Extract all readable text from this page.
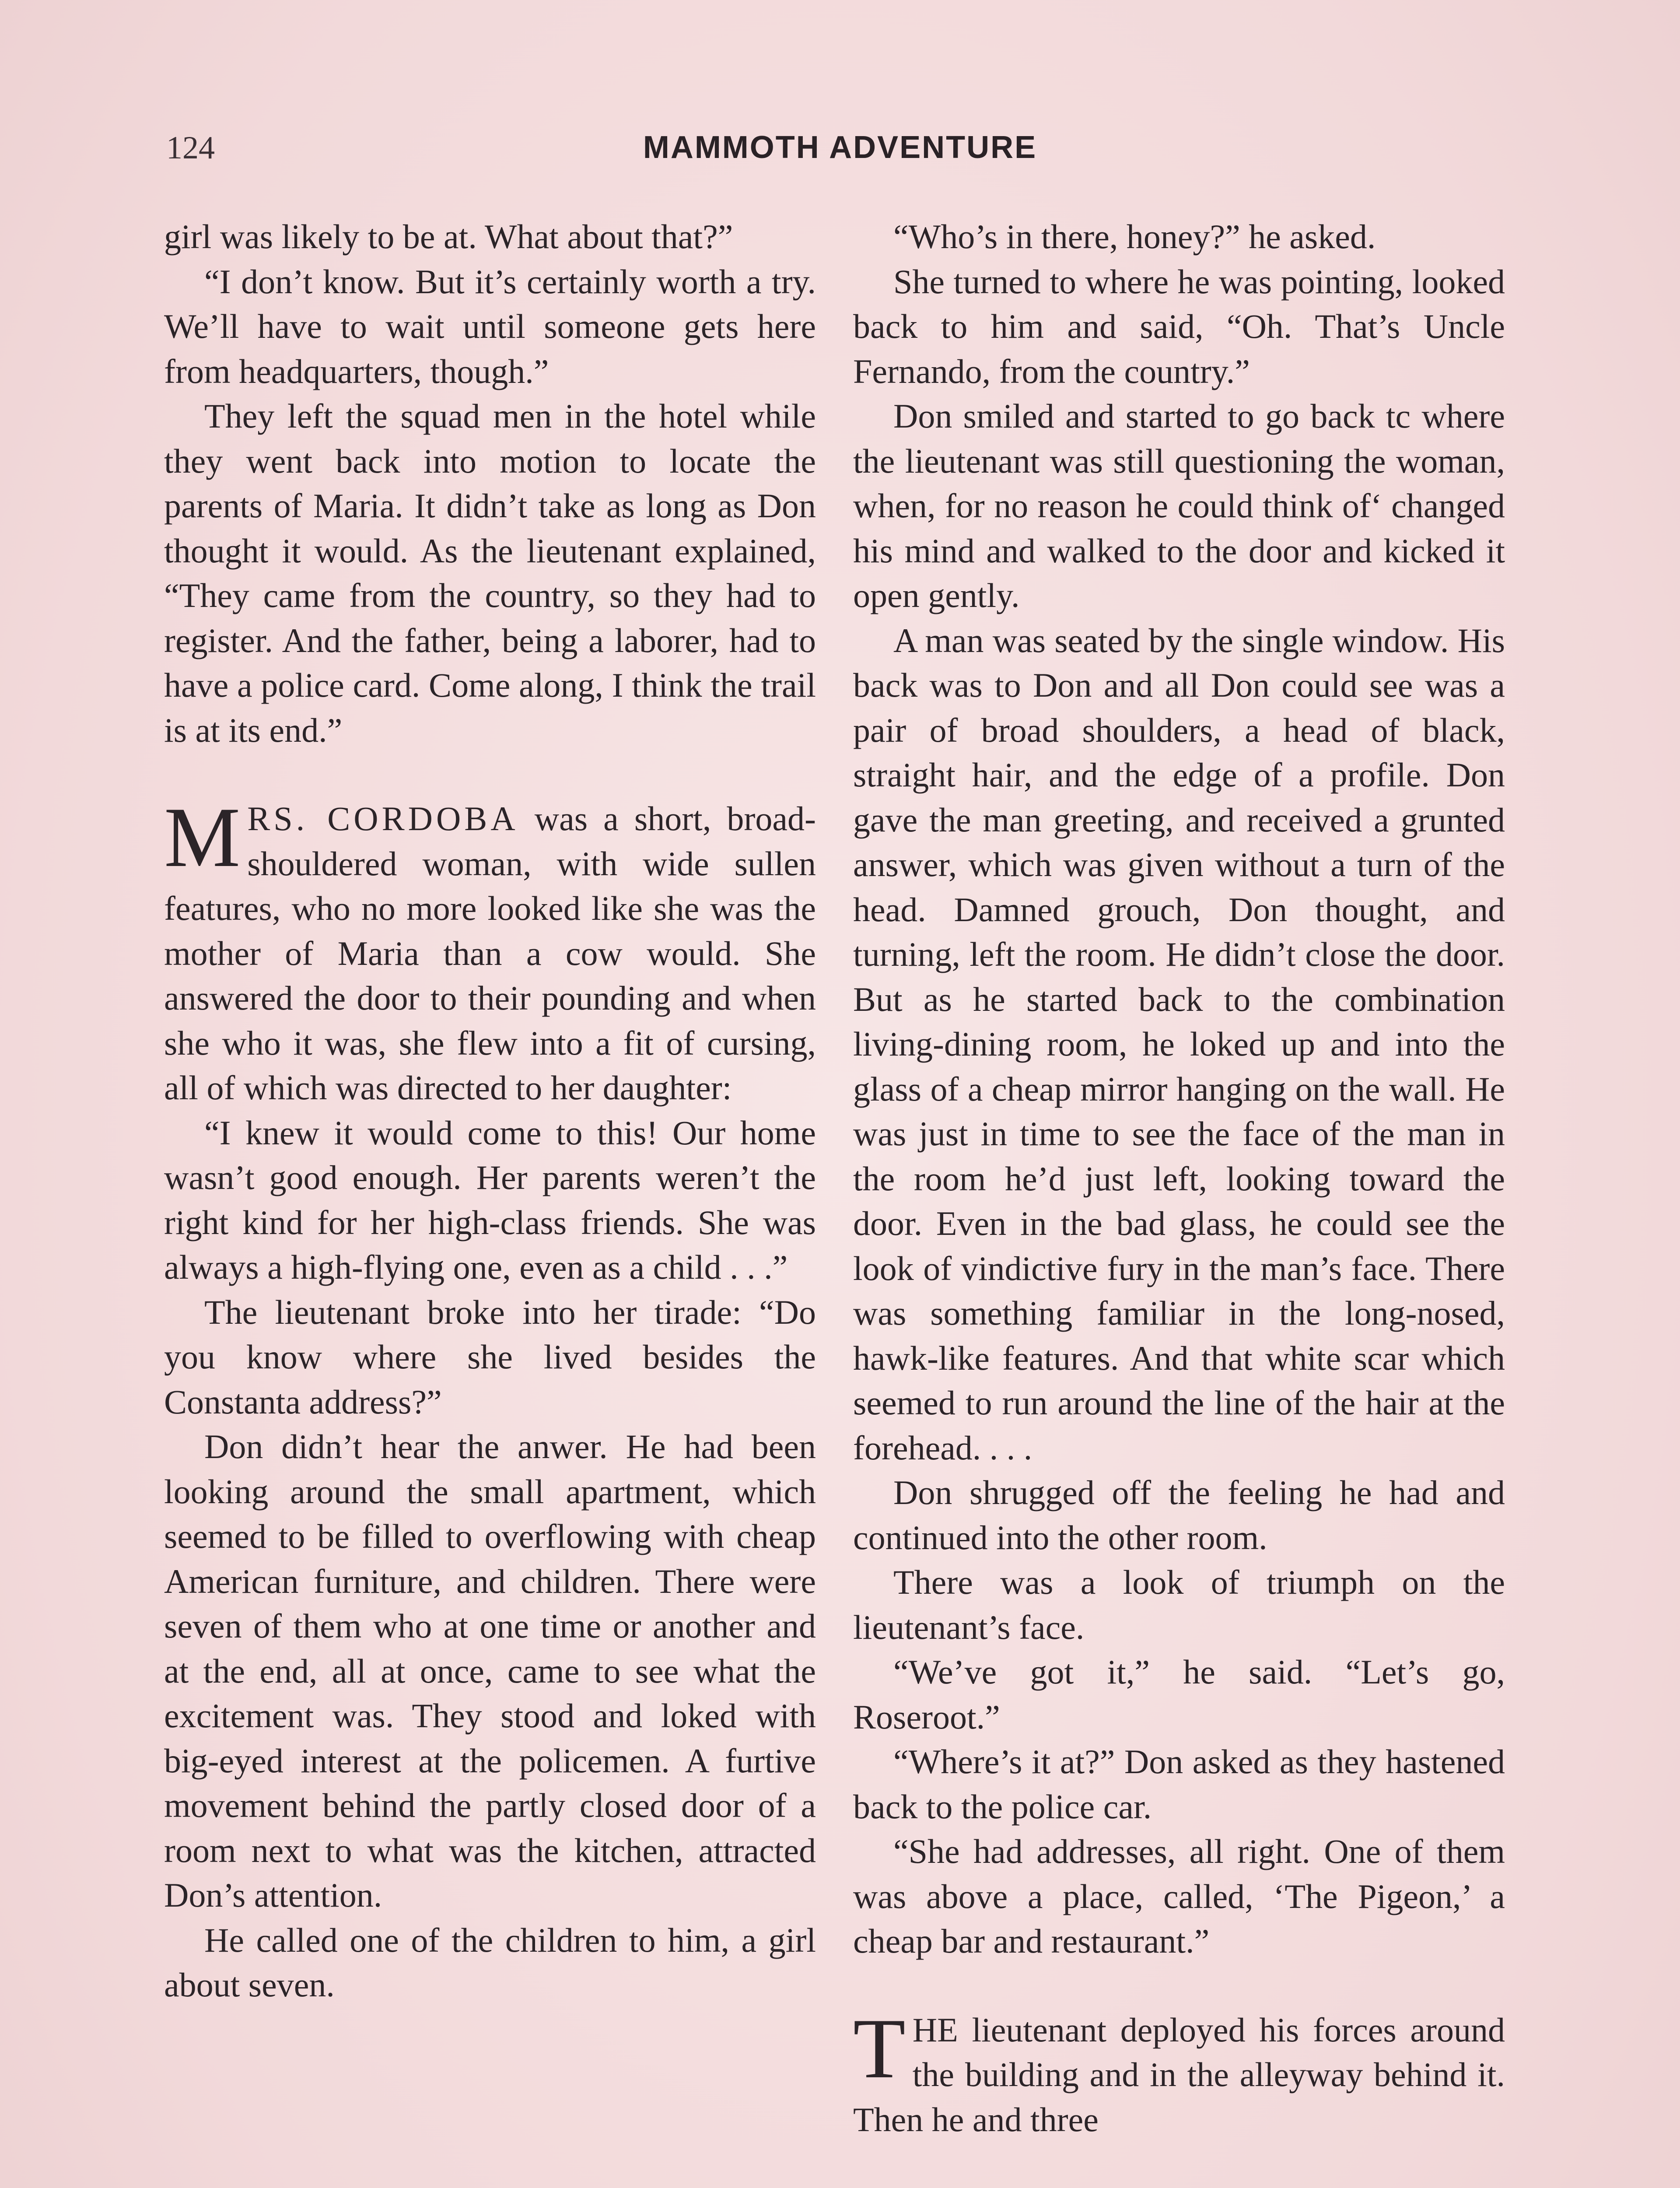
124	MAMMOTH ADVENTURE

girl was likely to be at. What about that?”

“I don’t know. But it’s certainly worth a try. We’ll have to wait until someone gets here from headquarters, though.”

They left the squad men in the hotel while they went back into motion to locate the parents of Maria. It didn’t take as long as Don thought it would. As the lieutenant explained, “They came from the country, so they had to register. And the father, being a laborer, had to have a police card. Come along, I think the trail is at its end.”

MRS. CORDOBA was a short, broad-shouldered woman, with wide sullen features, who no more looked like she was the mother of Maria than a cow would. She answered the door to their pounding and when she who it was, she flew into a fit of cursing, all of which was directed to her daughter:

“I knew it would come to this! Our home wasn’t good enough. Her parents weren’t the right kind for her high-class friends. She was always a high-flying one, even as a child . . .”

The lieutenant broke into her tirade: “Do you know where she lived besides the Constanta address?”

Don didn’t hear the anwer. He had been looking around the small apartment, which seemed to be filled to overflowing with cheap American furniture, and children. There were seven of them who at one time or another and at the end, all at once, came to see what the excitement was. They stood and loked with big-eyed interest at the policemen. A furtive movement behind the partly closed door of a room next to what was the kitchen, attracted Don’s attention.

He called one of the children to him, a girl about seven.

“Who’s in there, honey?” he asked.

She turned to where he was pointing, looked back to him and said, “Oh. That’s Uncle Fernando, from the country.”

Don smiled and started to go back tc where the lieutenant was still questioning the woman, when, for no reason he could think of‘ changed his mind and walked to the door and kicked it open gently.

A man was seated by the single window. His back was to Don and all Don could see was a pair of broad shoulders, a head of black, straight hair, and the edge of a profile. Don gave the man greeting, and received a grunted answer, which was given without a turn of the head. Damned grouch, Don thought, and turning, left the room. He didn’t close the door. But as he started back to the combination living-dining room, he loked up and into the glass of a cheap mirror hanging on the wall. He was just in time to see the face of the man in the room he’d just left, looking toward the door. Even in the bad glass, he could see the look of vindictive fury in the man’s face. There was something familiar in the long-nosed, hawk-like features. And that white scar which seemed to run around the line of the hair at the forehead. . . .

Don shrugged off the feeling he had and continued into the other room.

There was a look of triumph on the lieutenant’s face.

“We’ve got it,” he said. “Let’s go, Roseroot.”

“Where’s it at?” Don asked as they hastened back to the police car.

“She had addresses, all right. One of them was above a place, called, ‘The Pigeon,’ a cheap bar and restaurant.”

THE lieutenant deployed his forces around the building and in the alleyway behind it. Then he and three
